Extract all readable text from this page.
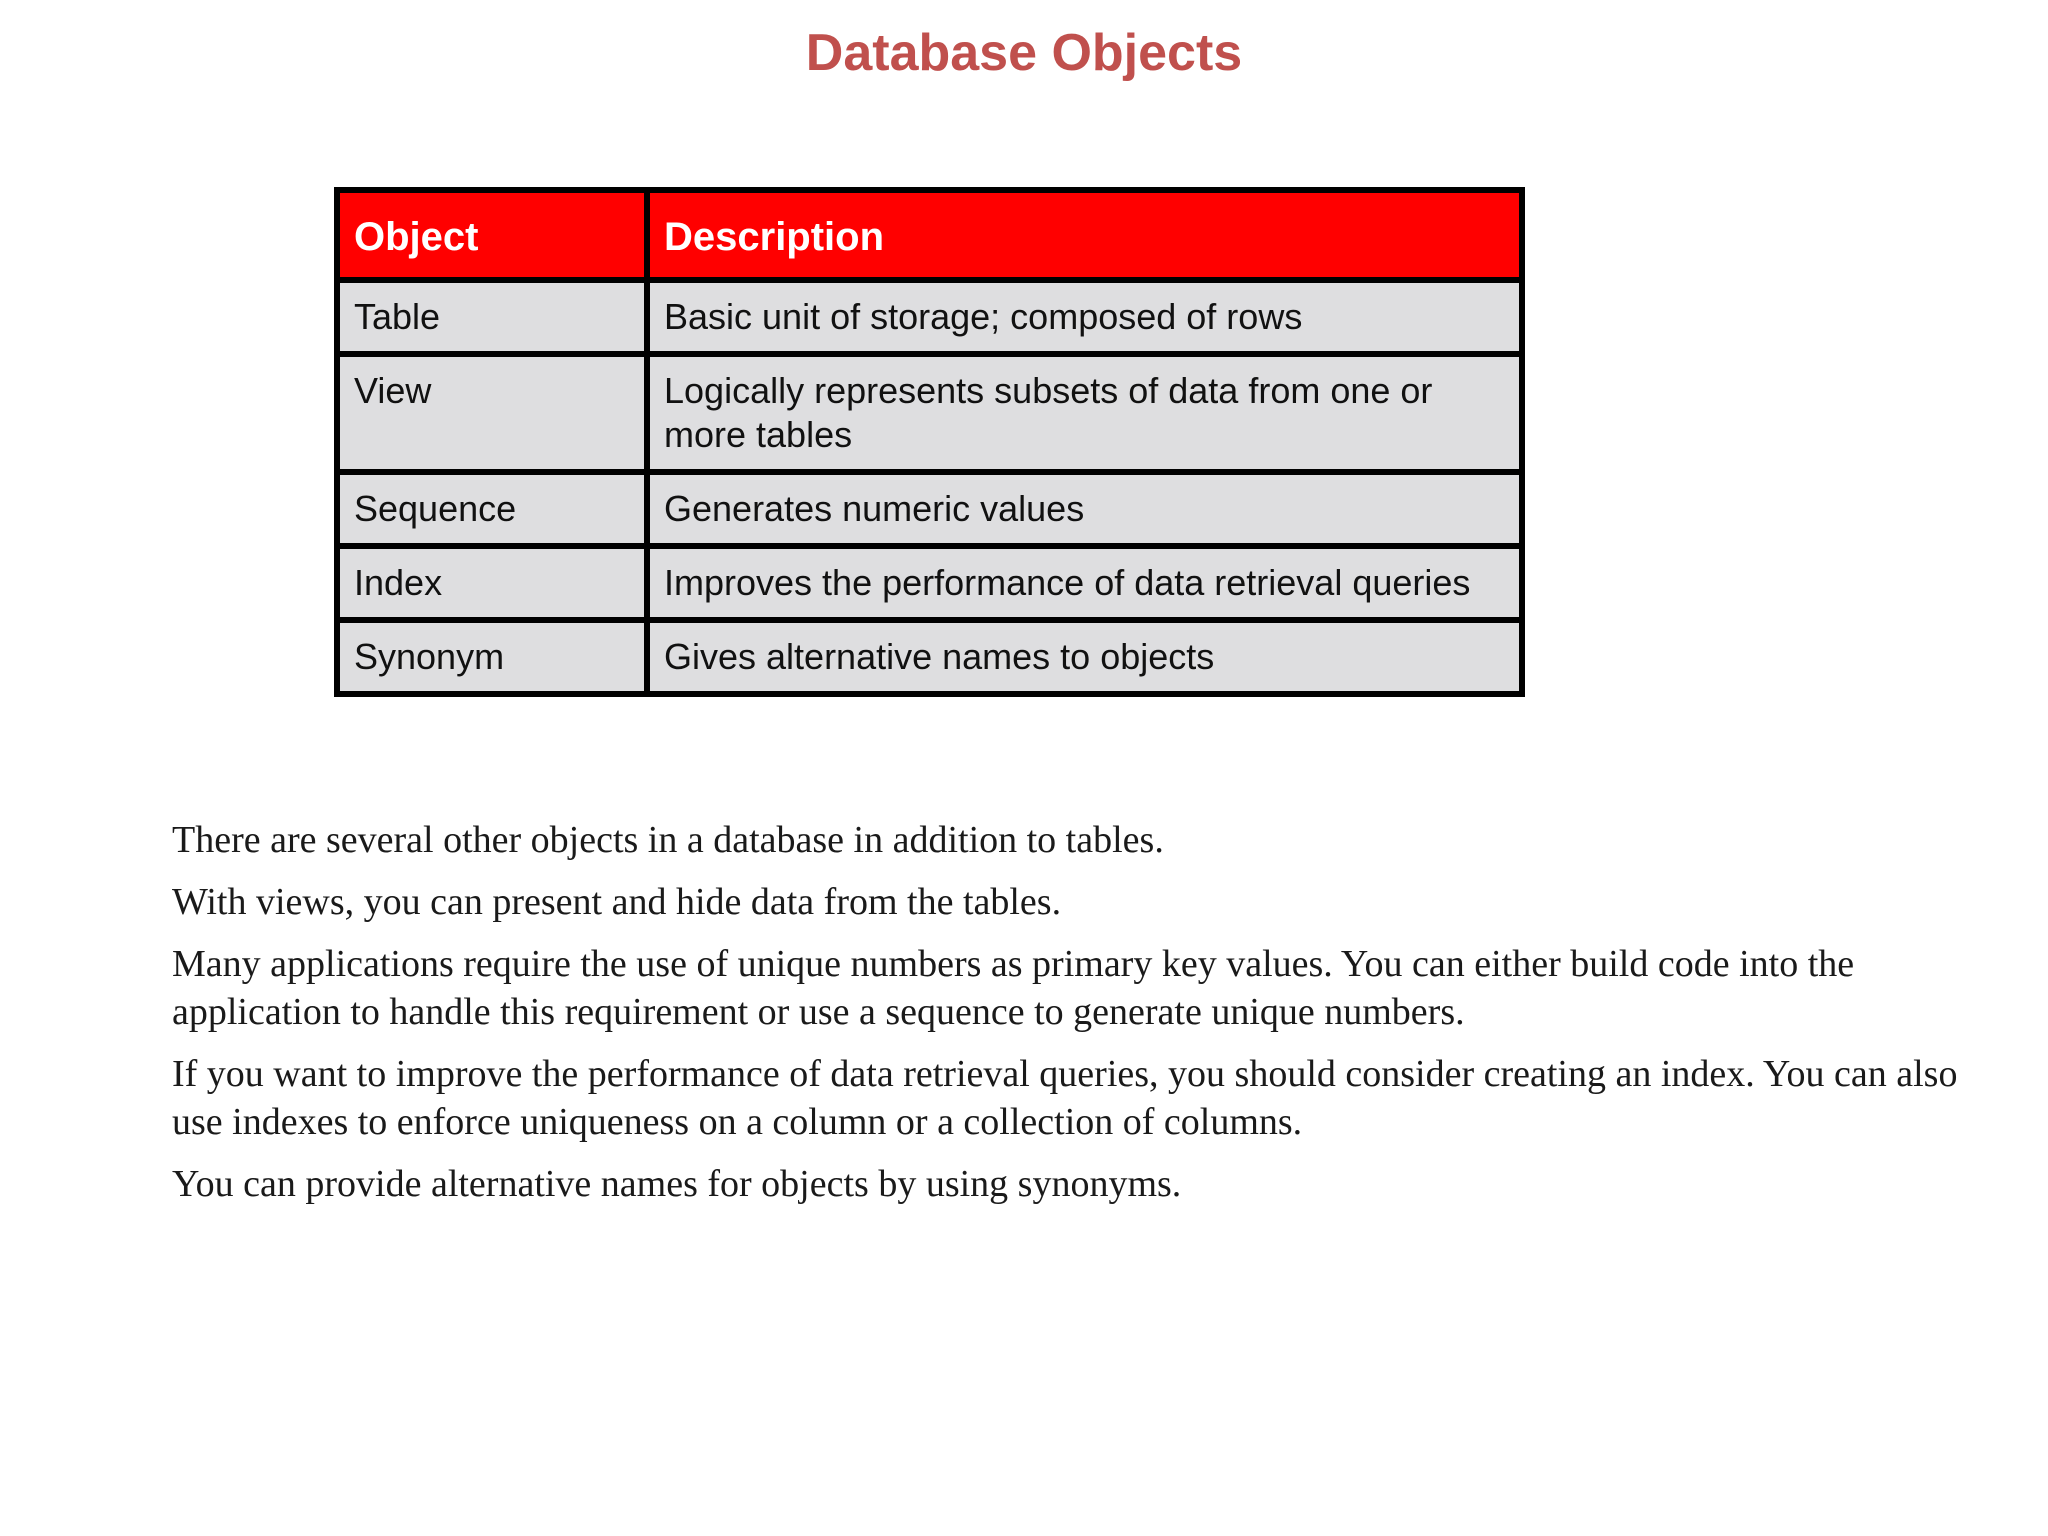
Database Objects
Object	Description
Table	Basic unit of storage; composed of rows
View	Logically represents subsets of data from one or more tables
Sequence	Generates numeric values
Index	Improves the performance of data retrieval queries
Synonym	Gives alternative names to objects

There are several other objects in a database in addition to tables.

With views, you can present and hide data from the tables.

Many applications require the use of unique numbers as primary key values. You can either build code into the application to handle this requirement or use a sequence to generate unique numbers.

If you want to improve the performance of data retrieval queries, you should consider creating an index. You can also use indexes to enforce uniqueness on a column or a collection of columns.

You can provide alternative names for objects by using synonyms.
